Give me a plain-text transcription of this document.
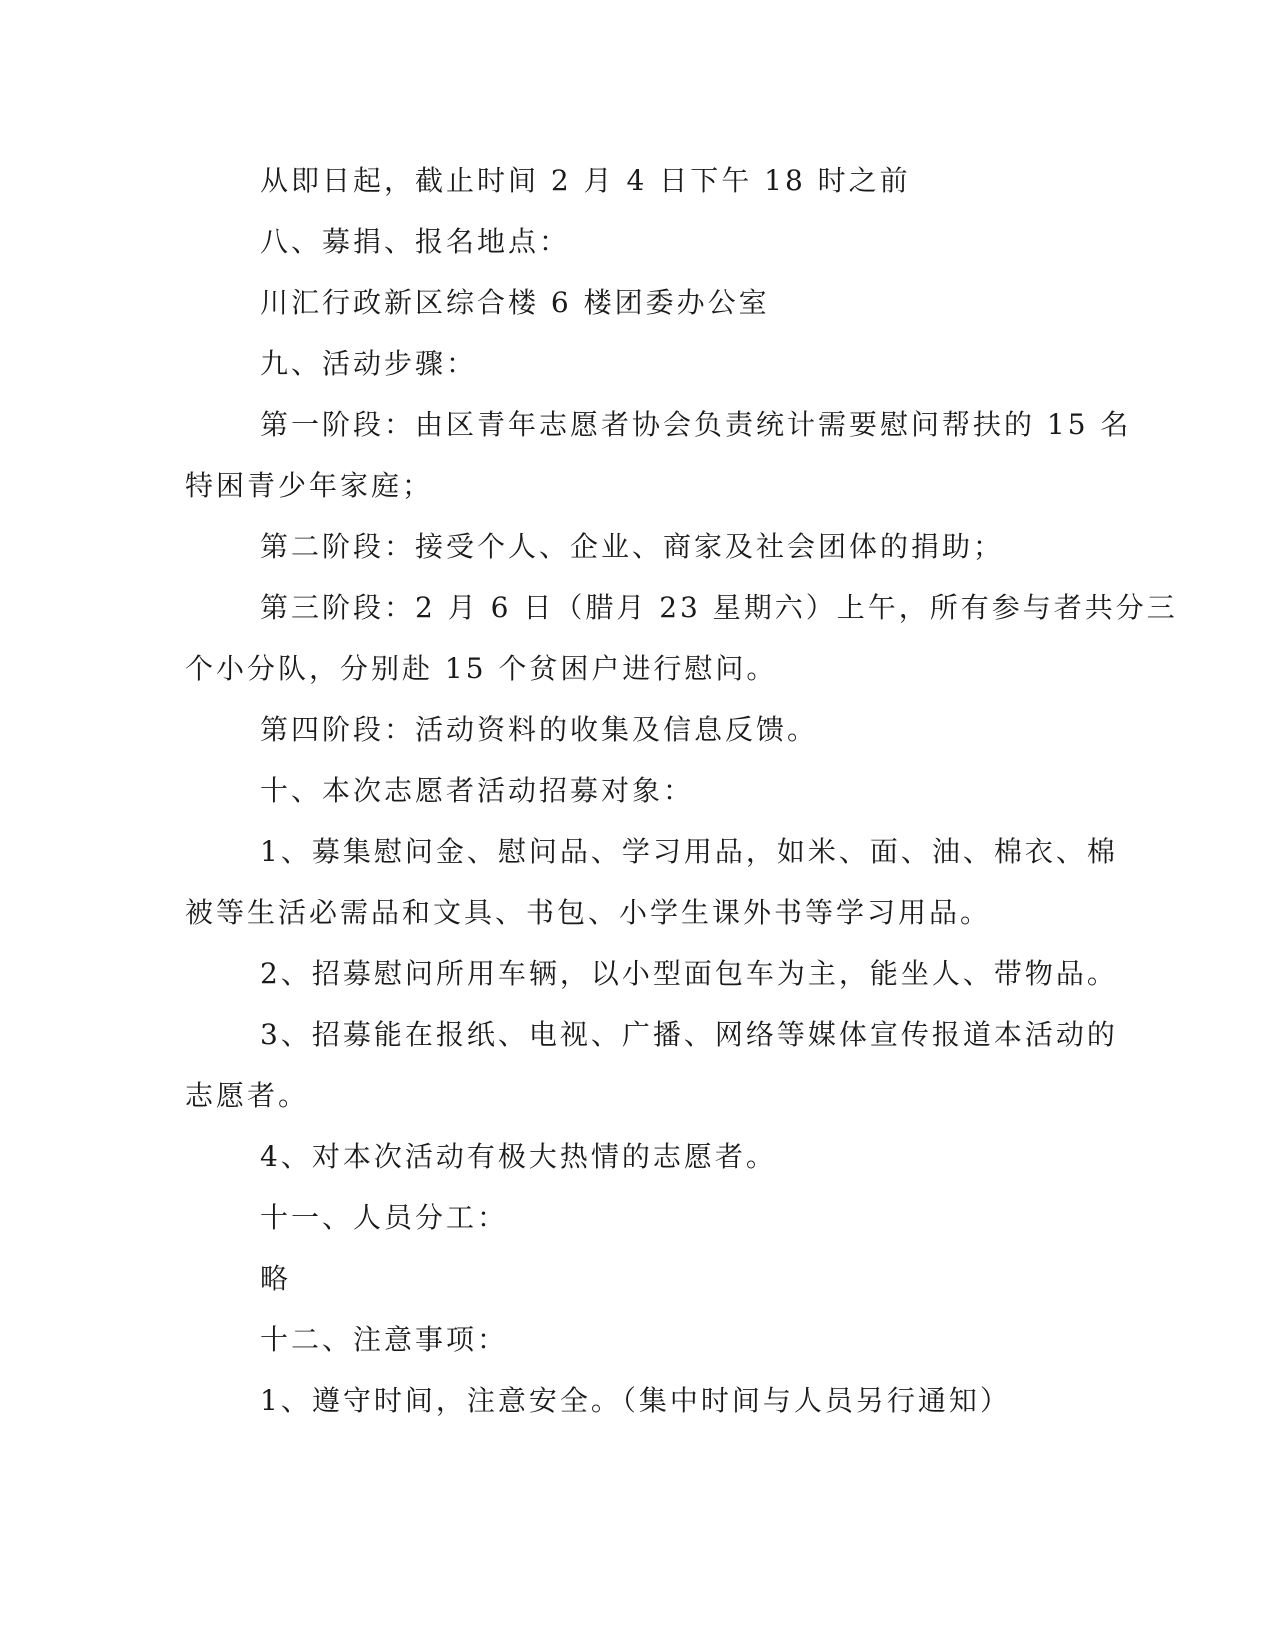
从即日起，截止时间 2 月 4 日下午 18 时之前
八、募捐、报名地点：
川汇行政新区综合楼 6 楼团委办公室
九、活动步骤：
第一阶段：由区青年志愿者协会负责统计需要慰问帮扶的 15 名
特困青少年家庭；
第二阶段：接受个人、企业、商家及社会团体的捐助；
第三阶段：2 月 6 日（腊月 23 星期六）上午，所有参与者共分三
个小分队，分别赴 15 个贫困户进行慰问。
第四阶段：活动资料的收集及信息反馈。
十、本次志愿者活动招募对象：
1、募集慰问金、慰问品、学习用品，如米、面、油、棉衣、棉
被等生活必需品和文具、书包、小学生课外书等学习用品。
2、招募慰问所用车辆，以小型面包车为主，能坐人、带物品。
3、招募能在报纸、电视、广播、网络等媒体宣传报道本活动的
志愿者。
4、对本次活动有极大热情的志愿者。
十一、人员分工：
略
十二、注意事项：
1、遵守时间，注意安全。（集中时间与人员另行通知）
